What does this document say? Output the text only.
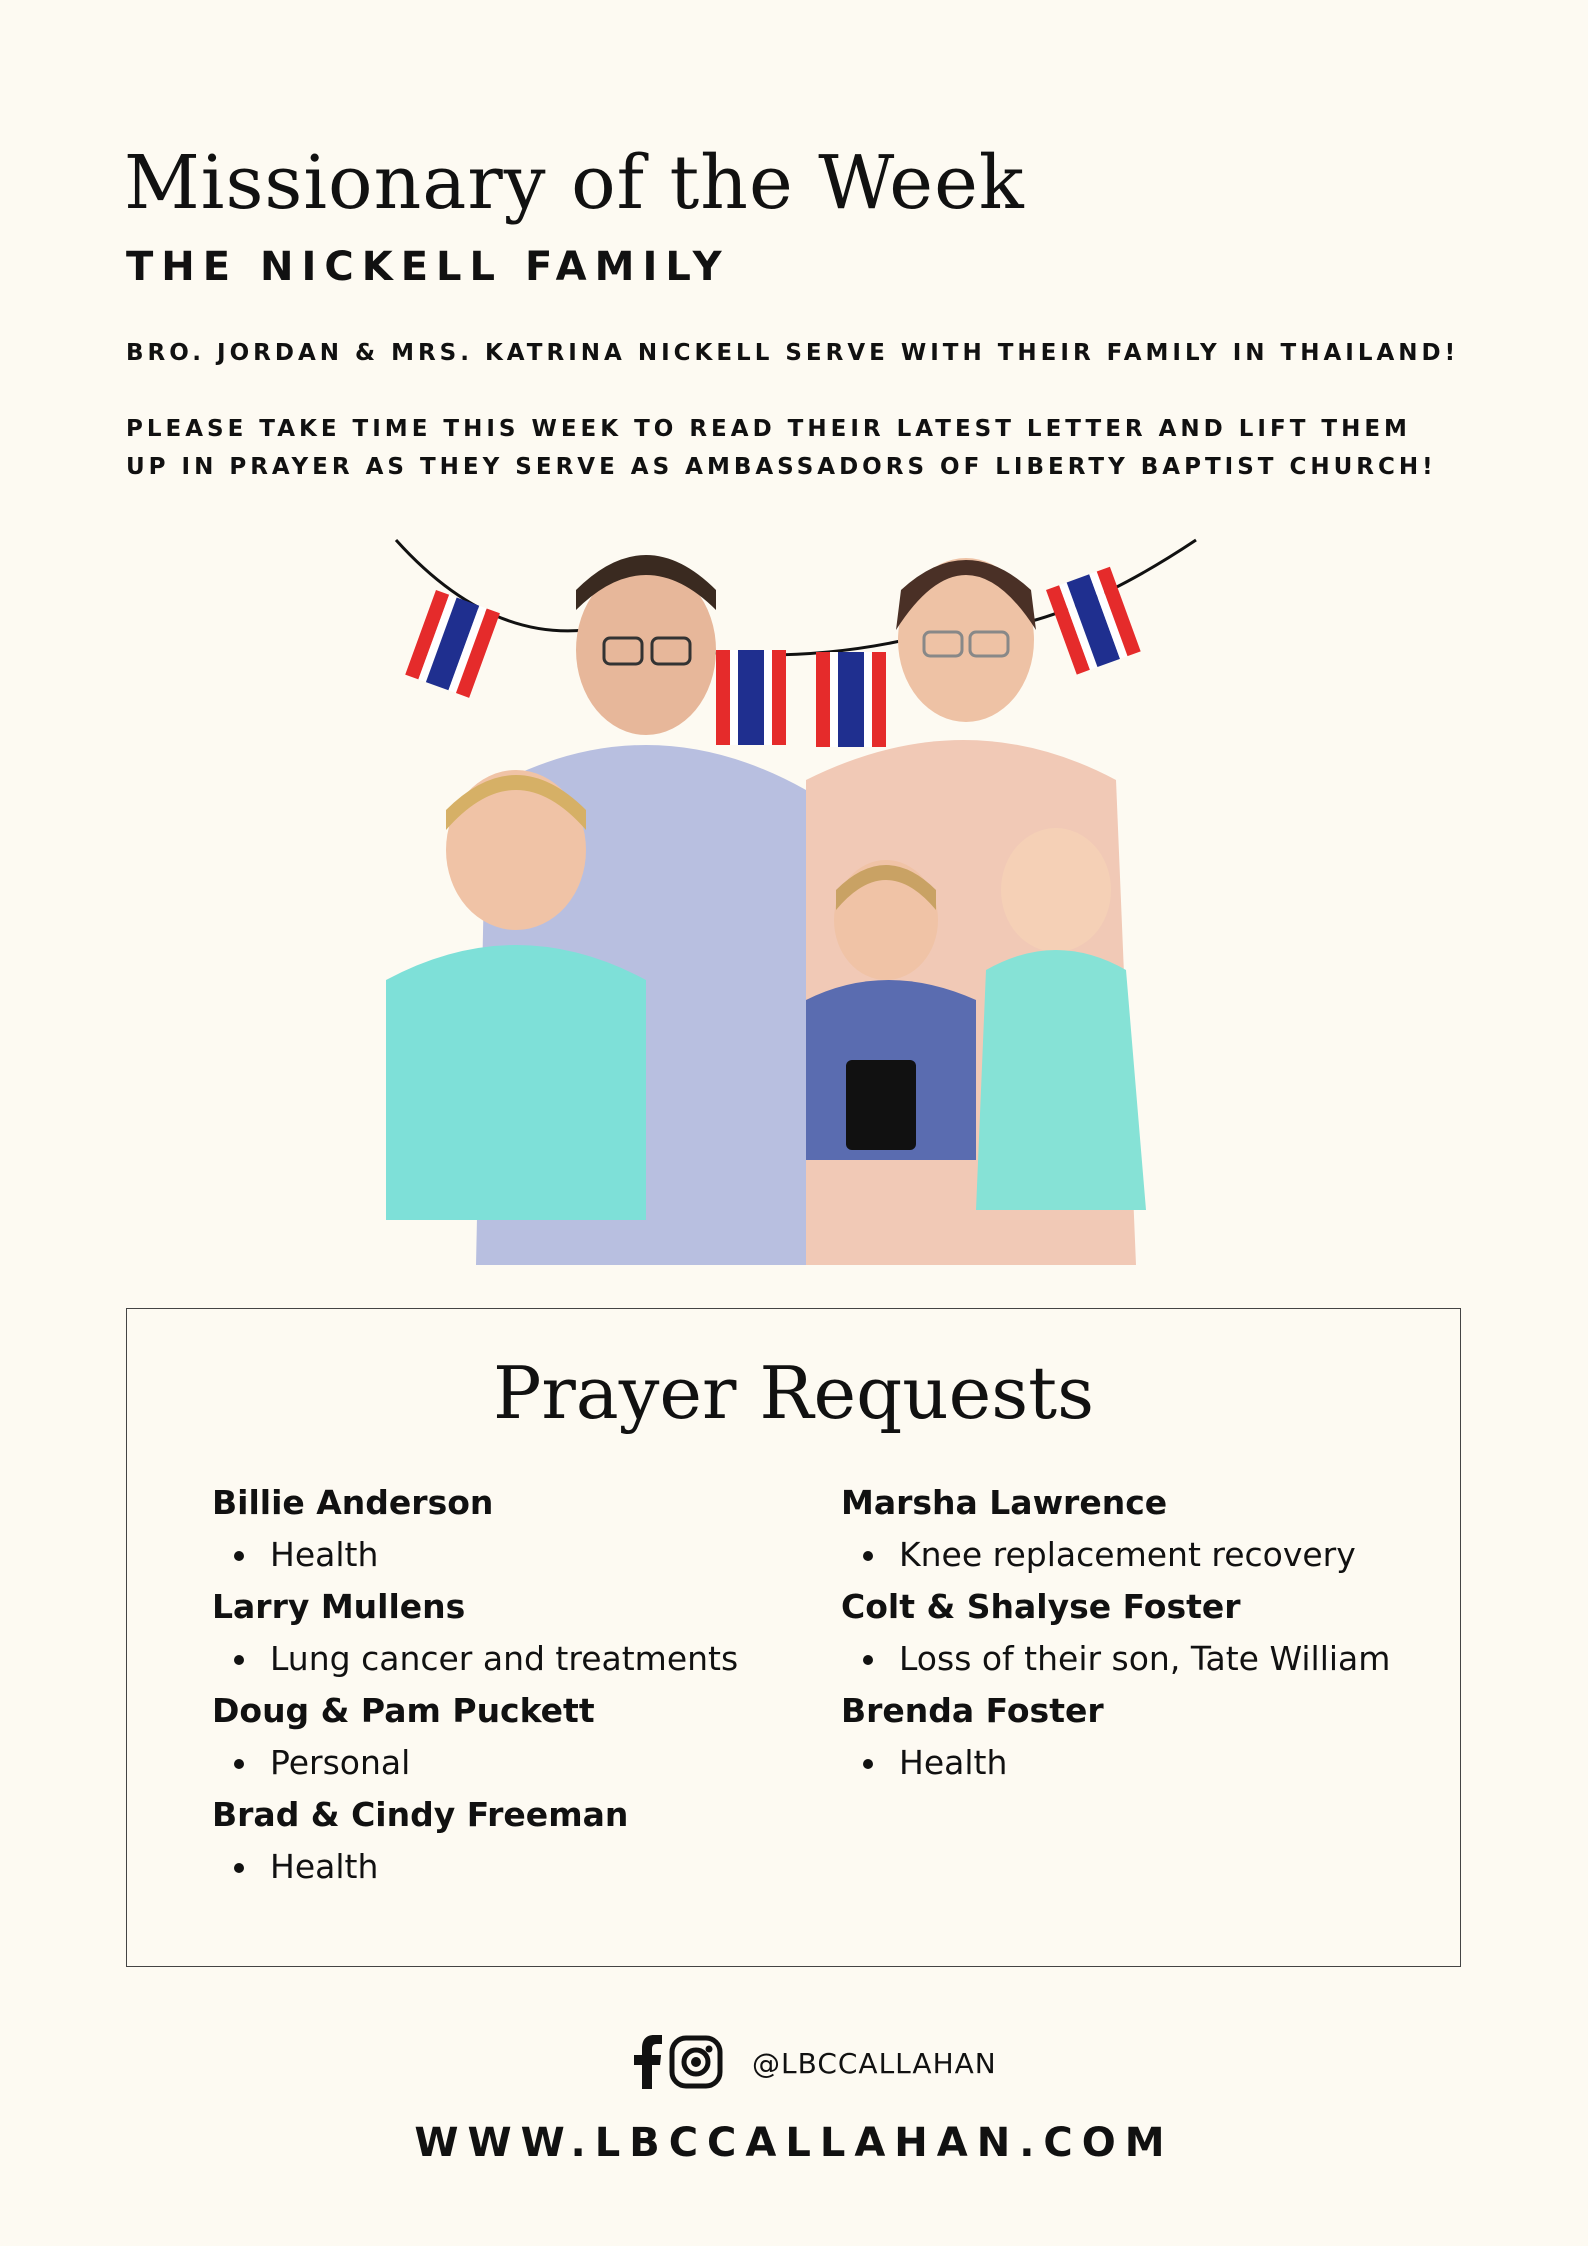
Missionary of the Week
THE NICKELL FAMILY
BRO. JORDAN & MRS. KATRINA NICKELL SERVE WITH THEIR FAMILY IN THAILAND!
PLEASE TAKE TIME THIS WEEK TO READ THEIR LATEST LETTER AND LIFT THEM UP IN PRAYER AS THEY SERVE AS AMBASSADORS OF LIBERTY BAPTIST CHURCH!
Prayer Requests
Billie Anderson
Health
Larry Mullens
Lung cancer and treatments
Doug & Pam Puckett
Personal
Brad & Cindy Freeman
Health
Marsha Lawrence
Knee replacement recovery
Colt & Shalyse Foster
Loss of their son, Tate William
Brenda Foster
Health
@LBCCALLAHAN
WWW.LBCCALLAHAN.COM
